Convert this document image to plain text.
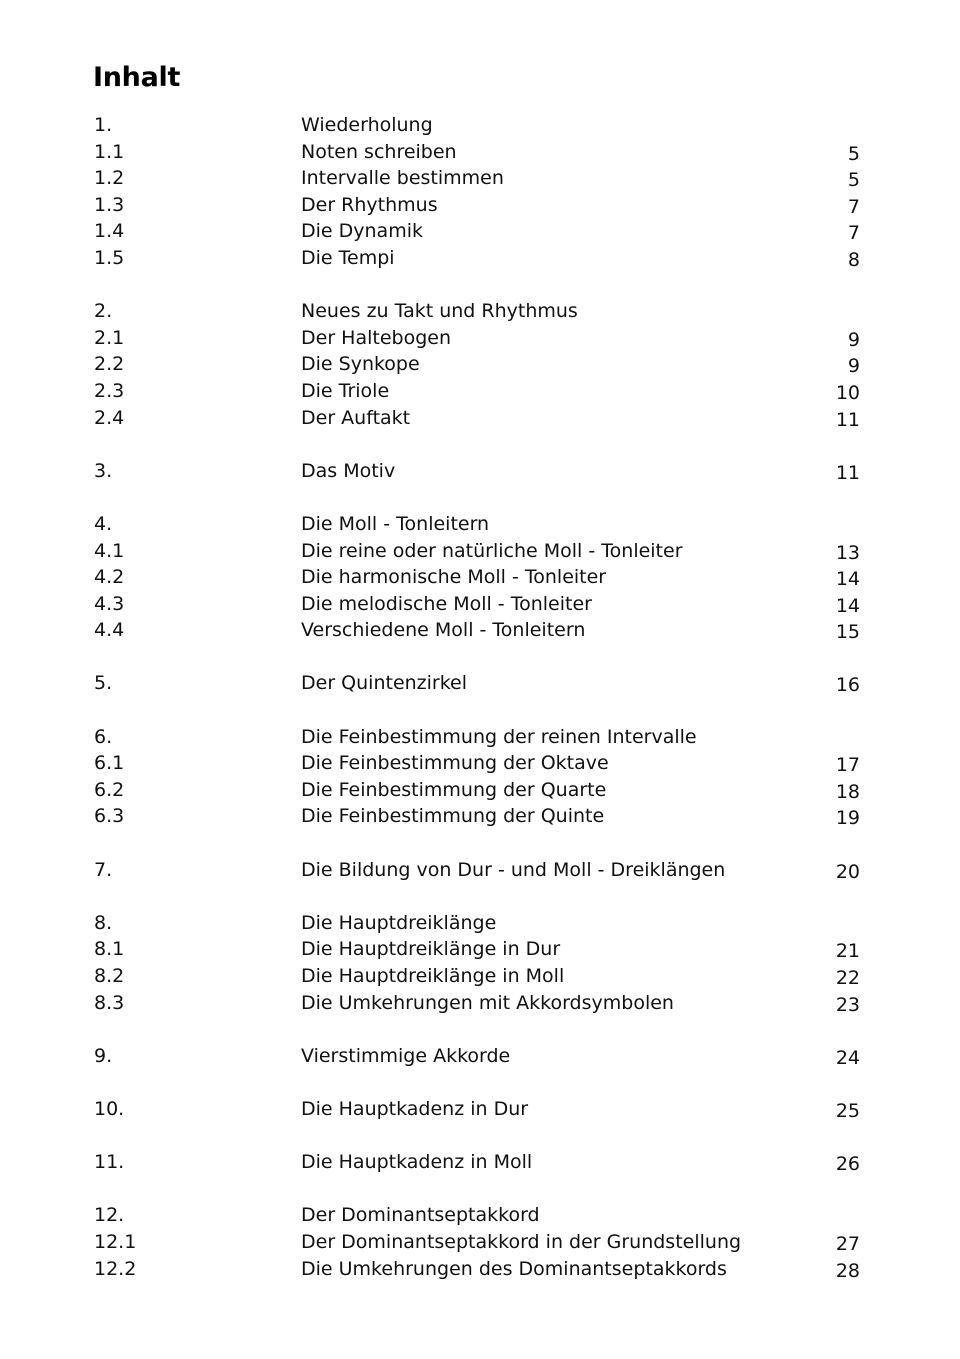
Inhalt
1.	Wiederholung
1.1	Noten schreiben	5
1.2	Intervalle bestimmen	5
1.3	Der Rhythmus	7
1.4	Die Dynamik	7
1.5	Die Tempi	8
2.	Neues zu Takt und Rhythmus
2.1	Der Haltebogen	9
2.2	Die Synkope	9
2.3	Die Triole	10
2.4	Der Auftakt	11
3.	Das Motiv	11
4.	Die Moll - Tonleitern
4.1	Die reine oder natürliche Moll - Tonleiter	13
4.2	Die harmonische Moll - Tonleiter	14
4.3	Die melodische Moll - Tonleiter	14
4.4	Verschiedene Moll - Tonleitern	15
5.	Der Quintenzirkel	16
6.	Die Feinbestimmung der reinen Intervalle
6.1	Die Feinbestimmung der Oktave	17
6.2	Die Feinbestimmung der Quarte	18
6.3	Die Feinbestimmung der Quinte	19
7.	Die Bildung von Dur - und Moll - Dreiklängen	20
8.	Die Hauptdreiklänge
8.1	Die Hauptdreiklänge in Dur	21
8.2	Die Hauptdreiklänge in Moll	22
8.3	Die Umkehrungen mit Akkordsymbolen	23
9.	Vierstimmige Akkorde	24
10.	Die Hauptkadenz in Dur	25
11.	Die Hauptkadenz in Moll	26
12.	Der Dominantseptakkord
12.1	Der Dominantseptakkord in der Grundstellung	27
12.2	Die Umkehrungen des Dominantseptakkords	28
